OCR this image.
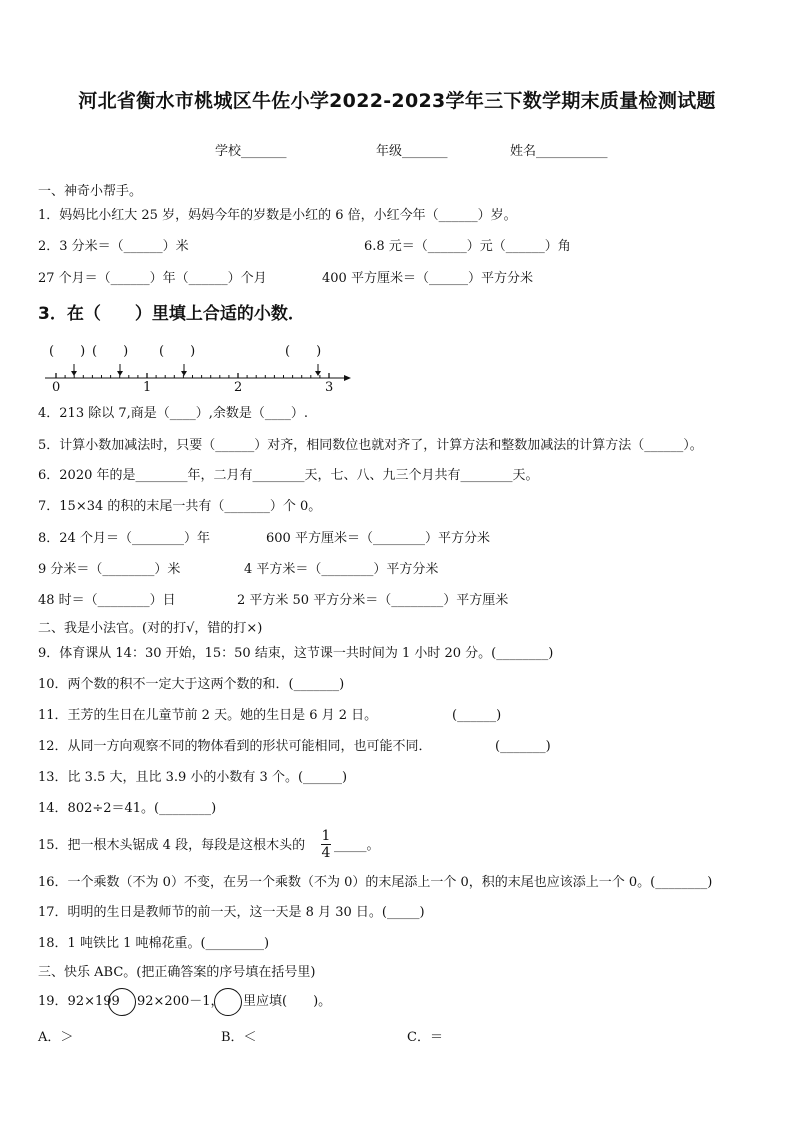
河北省衡水市桃城区牛佐小学2022-2023学年三下数学期末质量检测试题
学校_______	年级_______	姓名___________
一、神奇小帮手。
1．妈妈比小红大 25 岁，妈妈今年的岁数是小红的 6 倍，小红今年（______）岁。
2．3 分米＝（______）米	6.8 元＝（______）元（______）角
27 个月＝（______）年（______）个月	400 平方厘米＝（______）平方分米
3．在（　　）里填上合适的小数．
(　　) (　　) (　　)	(　　)
0	1	2	3
4．213 除以 7,商是（____）,余数是（____）.
5．计算小数加减法时，只要（______）对齐，相同数位也就对齐了，计算方法和整数加减法的计算方法（______）。
6．2020 年的是________年，二月有________天，七、八、九三个月共有________天。
7．15×34 的积的末尾一共有（_______）个 0。
8．24 个月＝（________）年	600 平方厘米＝（________）平方分米
9 分米＝（________）米	4 平方米＝（________）平方分米
48 时＝（________）日	2 平方米 50 平方分米＝（________）平方厘米
二、我是小法官。(对的打√，错的打×)
9．体育课从 14：30 开始，15：50 结束，这节课一共时间为 1 小时 20 分。(________)
10．两个数的积不一定大于这两个数的和．(_______)
11．王芳的生日在儿童节前 2 天。她的生日是 6 月 2 日。	(______)
12．从同一方向观察不同的物体看到的形状可能相同，也可能不同．	(_______)
13．比 3.5 大，且比 3.9 小的小数有 3 个。(______)
14．802÷2＝41。(________)
15．把一根木头锯成 4 段，每段是这根木头的
1
4 _____。
16．一个乘数（不为 0）不变，在另一个乘数（不为 0）的末尾添上一个 0，积的末尾也应该添上一个 0。(________)
17．明明的生日是教师节的前一天，这一天是 8 月 30 日。(_____)
18．1 吨铁比 1 吨棉花重。(_________)
三、快乐 ABC。(把正确答案的序号填在括号里)
19．92×199 92×200－1， 里应填(　　)。
A．＞	B．＜	C．＝
